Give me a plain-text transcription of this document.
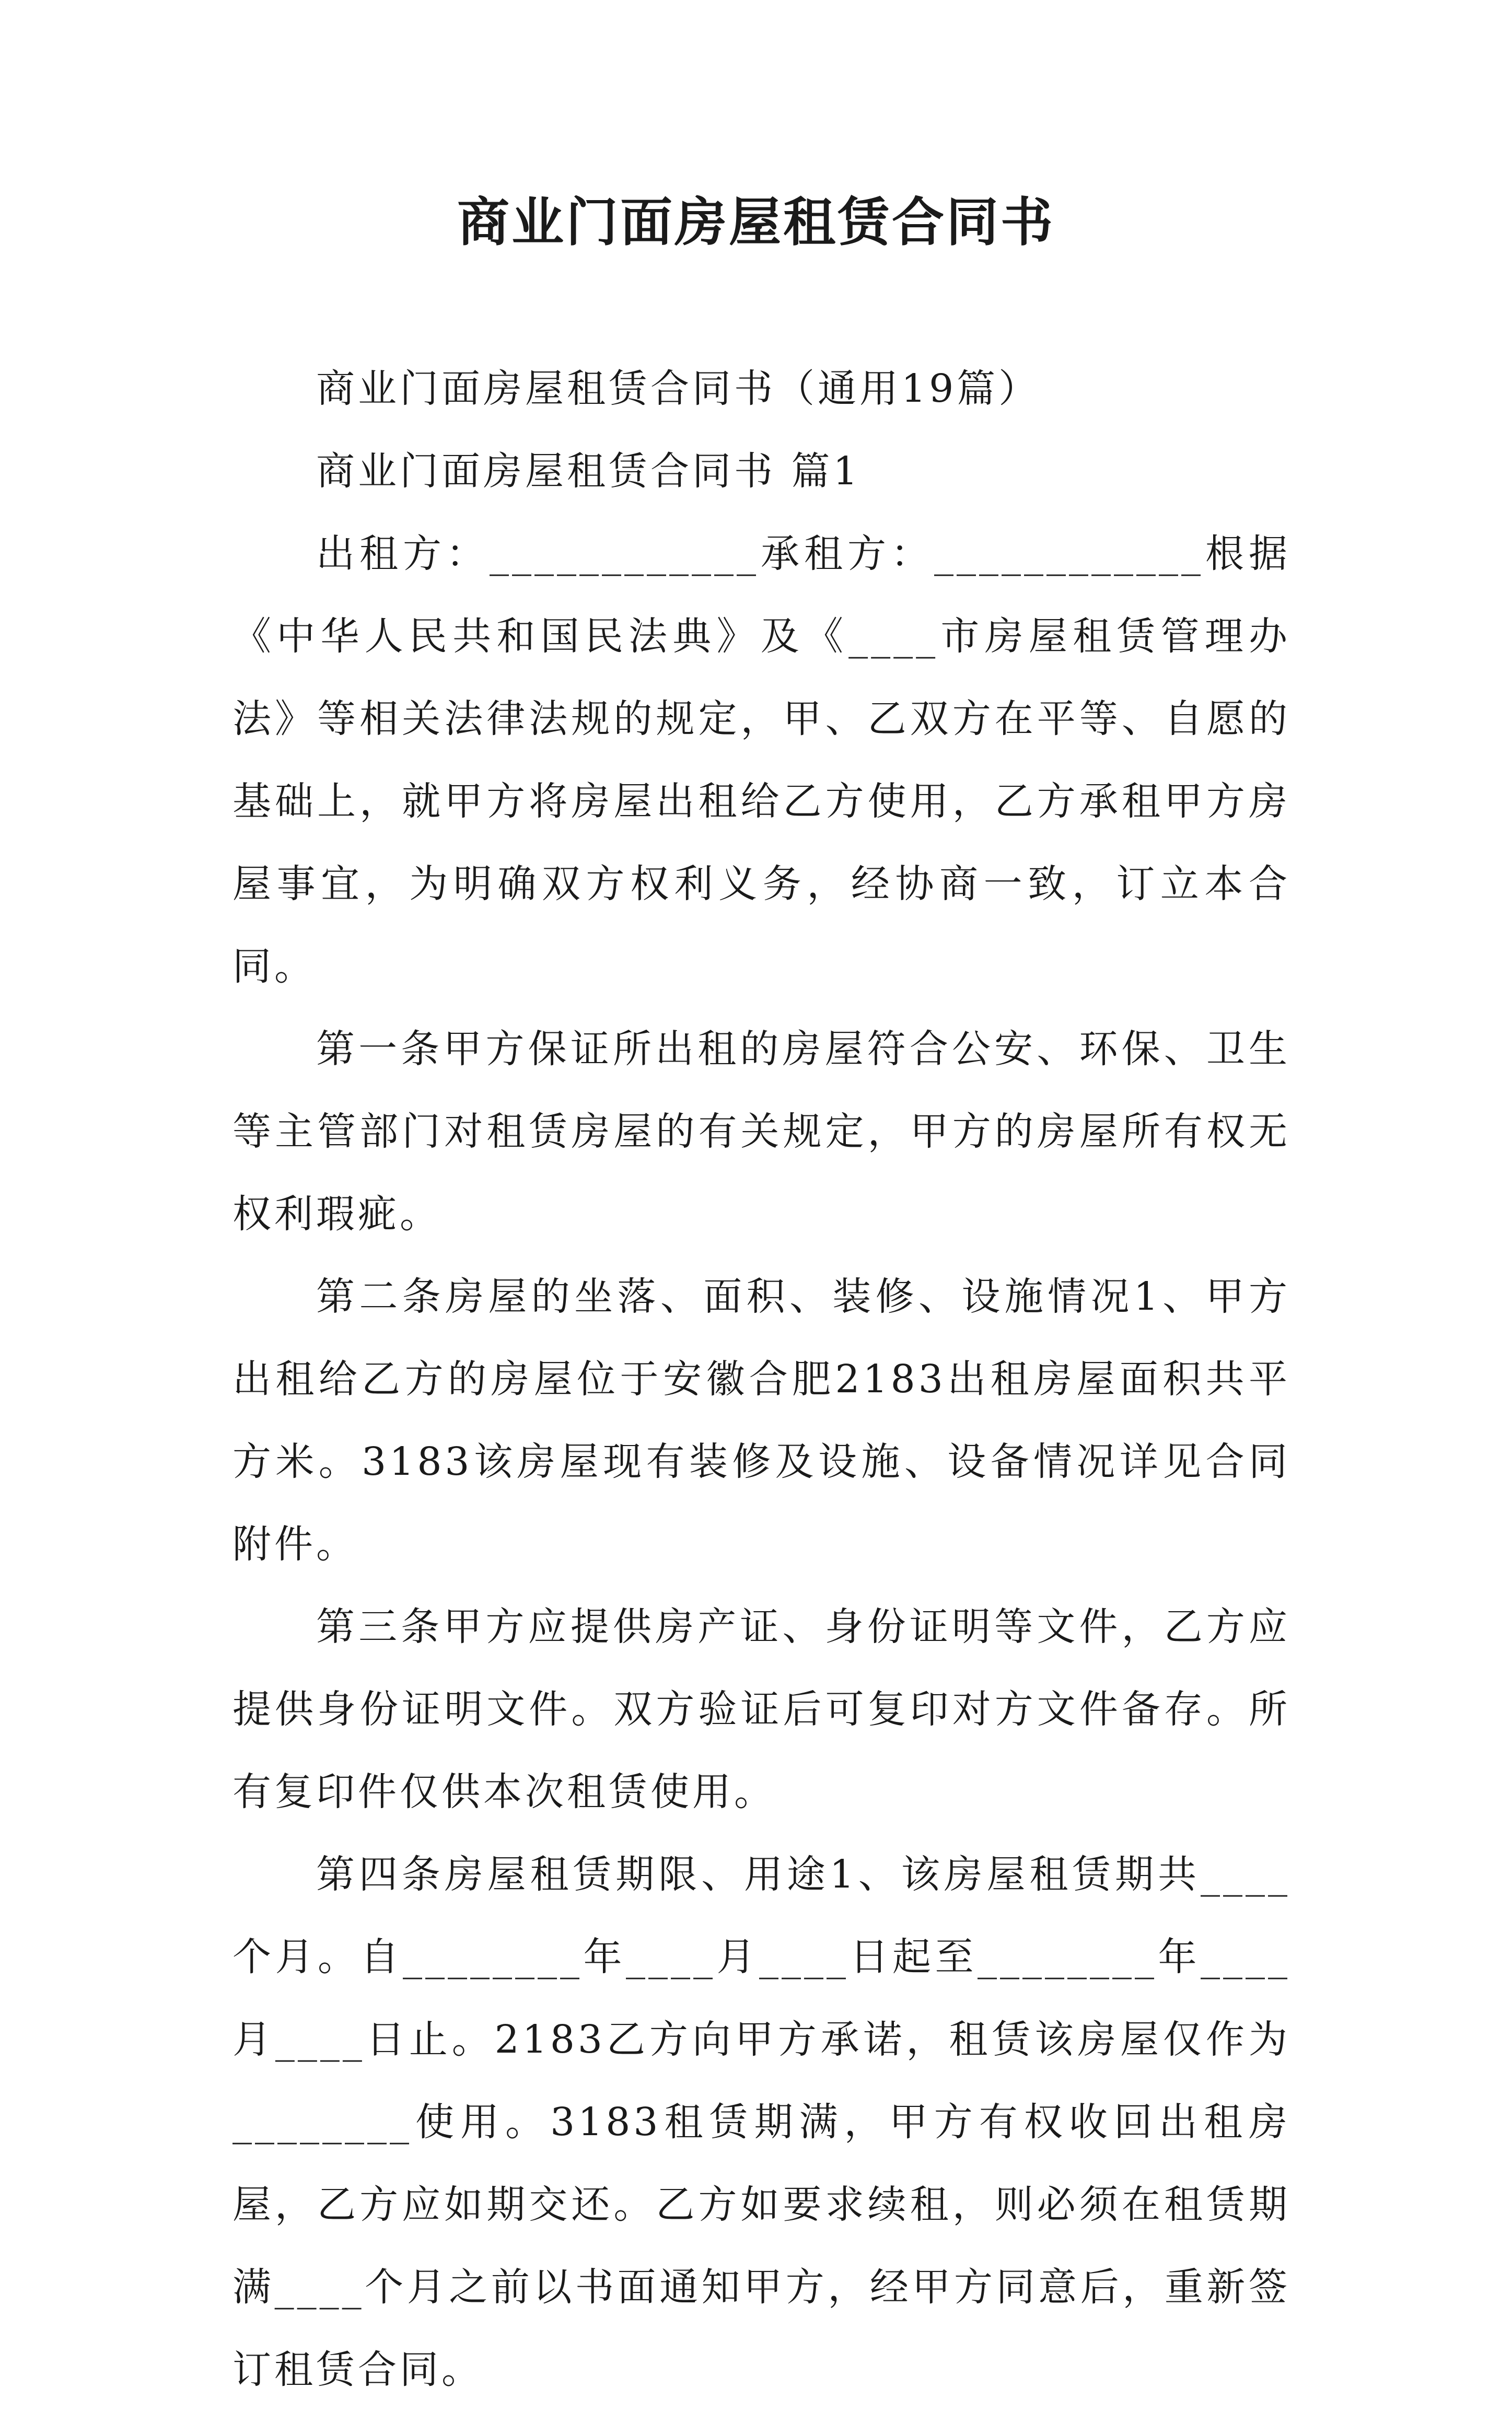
商业门面房屋租赁合同书

商业门面房屋租赁合同书（通用19篇）

商业门面房屋租赁合同书 篇1

出租方：____________承租方：____________根据《中华人民共和国民法典》及《____市房屋租赁管理办法》等相关法律法规的规定，甲、乙双方在平等、自愿的基础上，就甲方将房屋出租给乙方使用，乙方承租甲方房屋事宜，为明确双方权利义务，经协商一致，订立本合同。

第一条甲方保证所出租的房屋符合公安、环保、卫生等主管部门对租赁房屋的有关规定，甲方的房屋所有权无权利瑕疵。

第二条房屋的坐落、面积、装修、设施情况1、甲方出租给乙方的房屋位于安徽合肥2183出租房屋面积共平方米。3183该房屋现有装修及设施、设备情况详见合同附件。

第三条甲方应提供房产证、身份证明等文件，乙方应提供身份证明文件。双方验证后可复印对方文件备存。所有复印件仅供本次租赁使用。

第四条房屋租赁期限、用途1、该房屋租赁期共____个月。自________年____月____日起至________年____月____日止。2183乙方向甲方承诺，租赁该房屋仅作为________使用。3183租赁期满，甲方有权收回出租房屋，乙方应如期交还。乙方如要求续租，则必须在租赁期满____个月之前以书面通知甲方，经甲方同意后，重新签订租赁合同。
